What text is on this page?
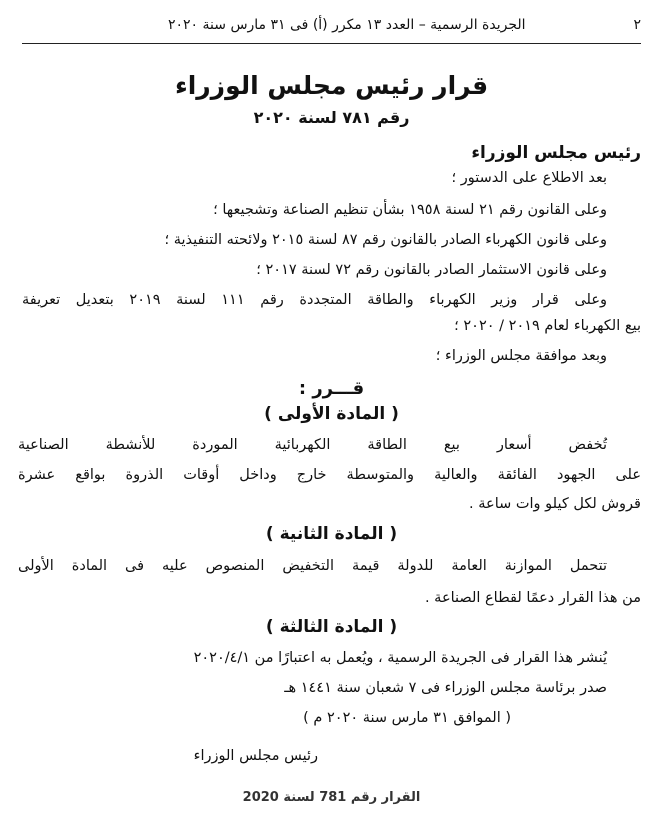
٢
الجريدة الرسمية – العدد ١٣ مكرر (أ) فى ٣١ مارس سنة ٢٠٢٠
قرار رئيس مجلس الوزراء
رقم ٧٨١ لسنة ٢٠٢٠
رئيس مجلس الوزراء
بعد الاطلاع على الدستور ؛
وعلى القانون رقم ٢١ لسنة ١٩٥٨ بشأن تنظيم الصناعة وتشجيعها ؛
وعلى قانون الكهرباء الصادر بالقانون رقم ٨٧ لسنة ٢٠١٥ ولائحته التنفيذية ؛
وعلى قانون الاستثمار الصادر بالقانون رقم ٧٢ لسنة ٢٠١٧ ؛
وعلى قرار وزير الكهرباء والطاقة المتجددة رقم ١١١ لسنة ٢٠١٩ بتعديل تعريفة
بيع الكهرباء لعام ٢٠١٩ / ٢٠٢٠ ؛
وبعد موافقة مجلس الوزراء ؛
قـــرر :
( المادة الأولى )
تُخفض أسعار بيع الطاقة الكهربائية الموردة للأنشطة الصناعية
على الجهود الفائقة والعالية والمتوسطة خارج وداخل أوقات الذروة بواقع عشرة
قروش لكل كيلو وات ساعة .
( المادة الثانية )
تتحمل الموازنة العامة للدولة قيمة التخفيض المنصوص عليه فى المادة الأولى
من هذا القرار دعمًا لقطاع الصناعة .
( المادة الثالثة )
يُنشر هذا القرار فى الجريدة الرسمية ، ويُعمل به اعتبارًا من ٢٠٢٠/٤/١
صدر برئاسة مجلس الوزراء فى ٧ شعبان سنة ١٤٤١ هـ
( الموافق ٣١ مارس سنة ٢٠٢٠ م )
رئيس مجلس الوزراء
القرار رقم 781 لسنة 2020
